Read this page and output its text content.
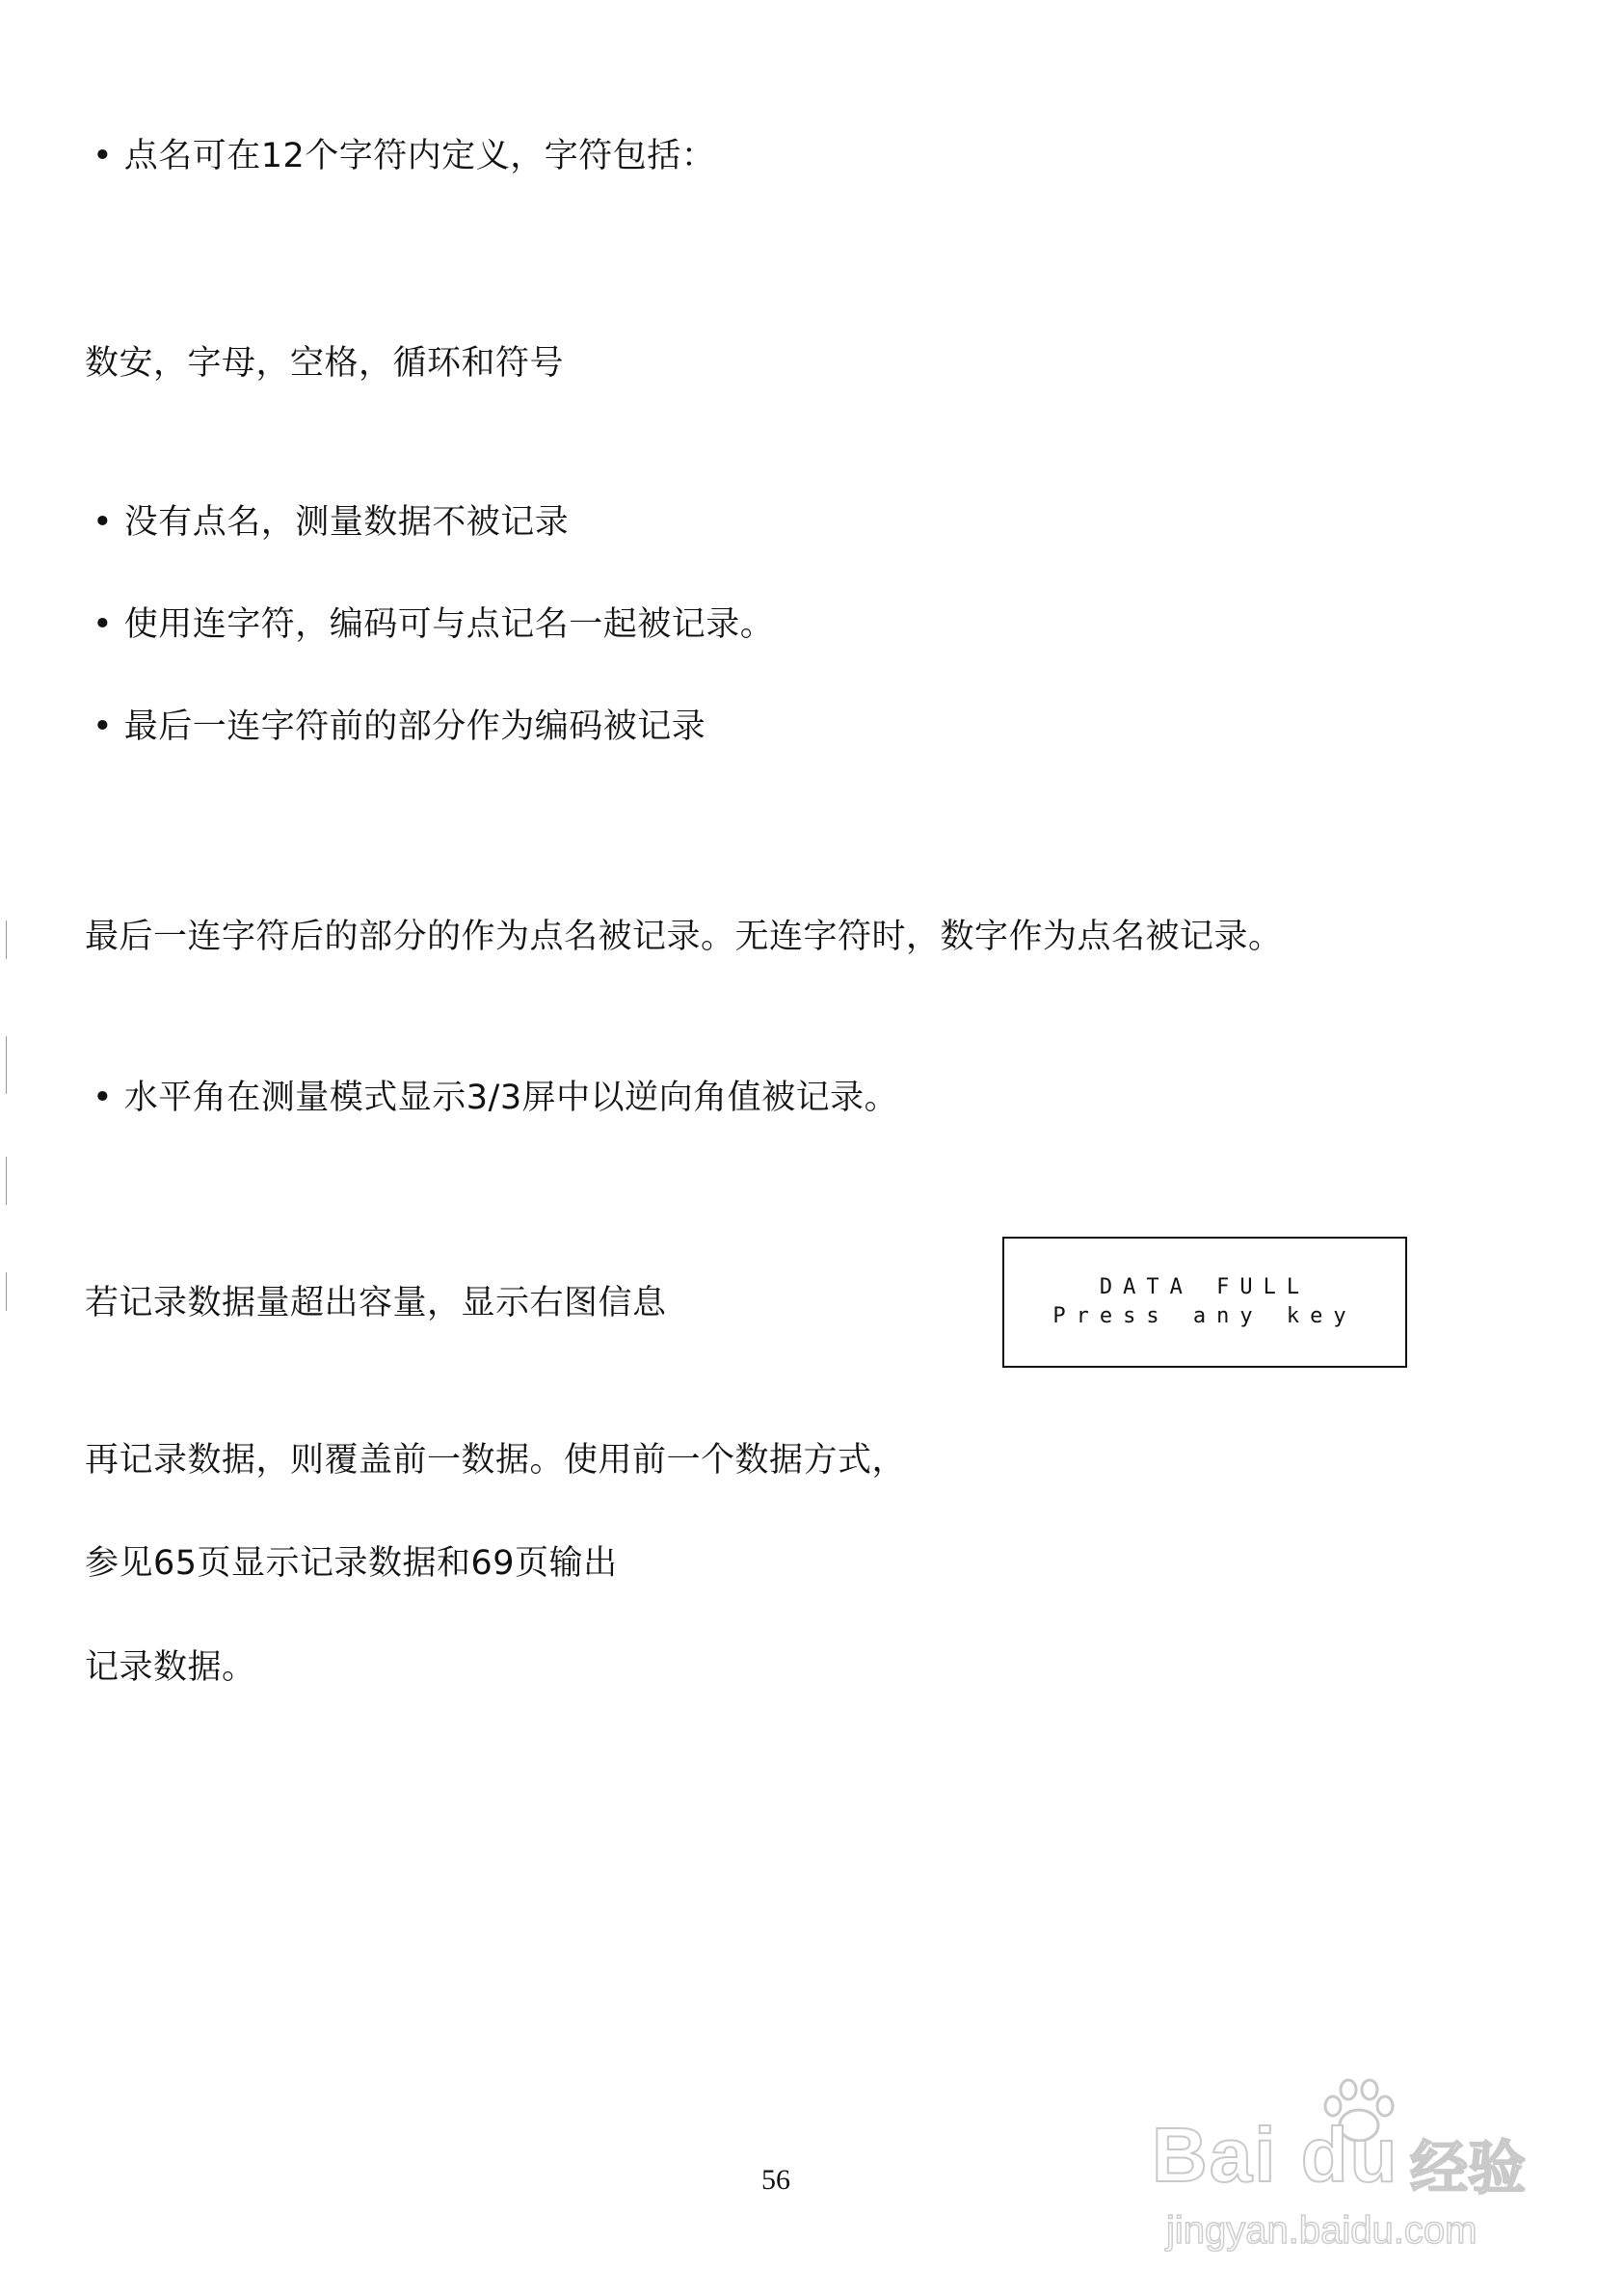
• 点名可在12个字符内定义，字符包括：
数安，字母，空格，循环和符号
• 没有点名，测量数据不被记录
• 使用连字符，编码可与点记名一起被记录。
• 最后一连字符前的部分作为编码被记录
最后一连字符后的部分的作为点名被记录。无连字符时，数字作为点名被记录。
• 水平角在测量模式显示3/3屏中以逆向角值被记录。
若记录数据量超出容量，显示右图信息
再记录数据，则覆盖前一数据。使用前一个数据方式，
参见65页显示记录数据和69页输出
记录数据。
DATA FULL
Press any key
56	Bai du 经验
jingyan.baidu.com
